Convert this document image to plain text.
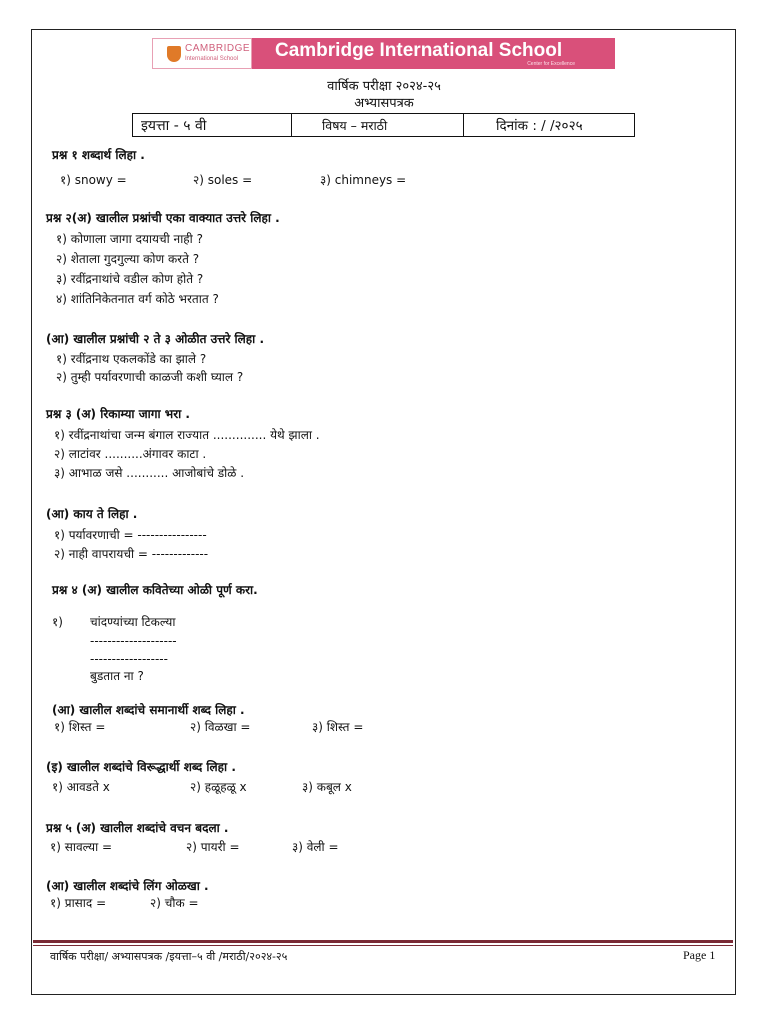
CAMBRIDGE
International School	Cambridge International School
Center for Excellence
वार्षिक परीक्षा २०२४-२५
अभ्यासपत्रक
इयत्ता - ५ वी	विषय – मराठी	दिनांक : / /२०२५
प्रश्न १ शब्दार्थ लिहा .
१) snowy =	२) soles =	३) chimneys =
प्रश्न २(अ) खालील प्रश्नांची एका वाक्यात उत्तरे लिहा .
१) कोणाला जागा दयायची नाही ?
२) शेताला गुदगुल्या कोण करते ?
३) रवींद्रनाथांचे वडील कोण होते ?
४) शांतिनिकेतनात वर्ग कोठे भरतात ?
(आ) खालील प्रश्नांची २ ते ३ ओळीत उत्तरे लिहा .
१) रवींद्रनाथ एकलकोंडे का झाले ?
२) तुम्ही पर्यावरणाची काळजी कशी घ्याल ?
प्रश्न ३ (अ) रिकाम्या जागा भरा .
१) रवींद्रनाथांचा जन्म बंगाल राज्यात .............. येथे झाला .
२) लाटांवर ..........अंगावर काटा .
३) आभाळ जसे ........... आजोबांचे डोळे .
(आ) काय ते लिहा .
१) पर्यावरणाची = ----------------
२) नाही वापरायची = -------------
प्रश्न ४ (अ) खालील कवितेच्या ओळी पूर्ण करा.
१) चांदण्यांच्या टिकल्या
--------------------
------------------
बुडतात ना ?
(आ) खालील शब्दांचे समानार्थी शब्द लिहा .
१) शिस्त =	२) विळखा =	३) शिस्त =
(इ) खालील शब्दांचे विरूद्धार्थी शब्द लिहा .
१) आवडते x	२) हळूहळू x	३) कबूल x
प्रश्न ५ (अ) खालील शब्दांचे वचन बदला .
१) सावल्या =	२) पायरी =	३) वेली =
(आ) खालील शब्दांचे लिंग ओळखा .
१) प्रासाद =	२) चौक =
वार्षिक परीक्षा/ अभ्यासपत्रक /इयत्ता–५ वी /मराठी/२०२४-२५	Page 1
